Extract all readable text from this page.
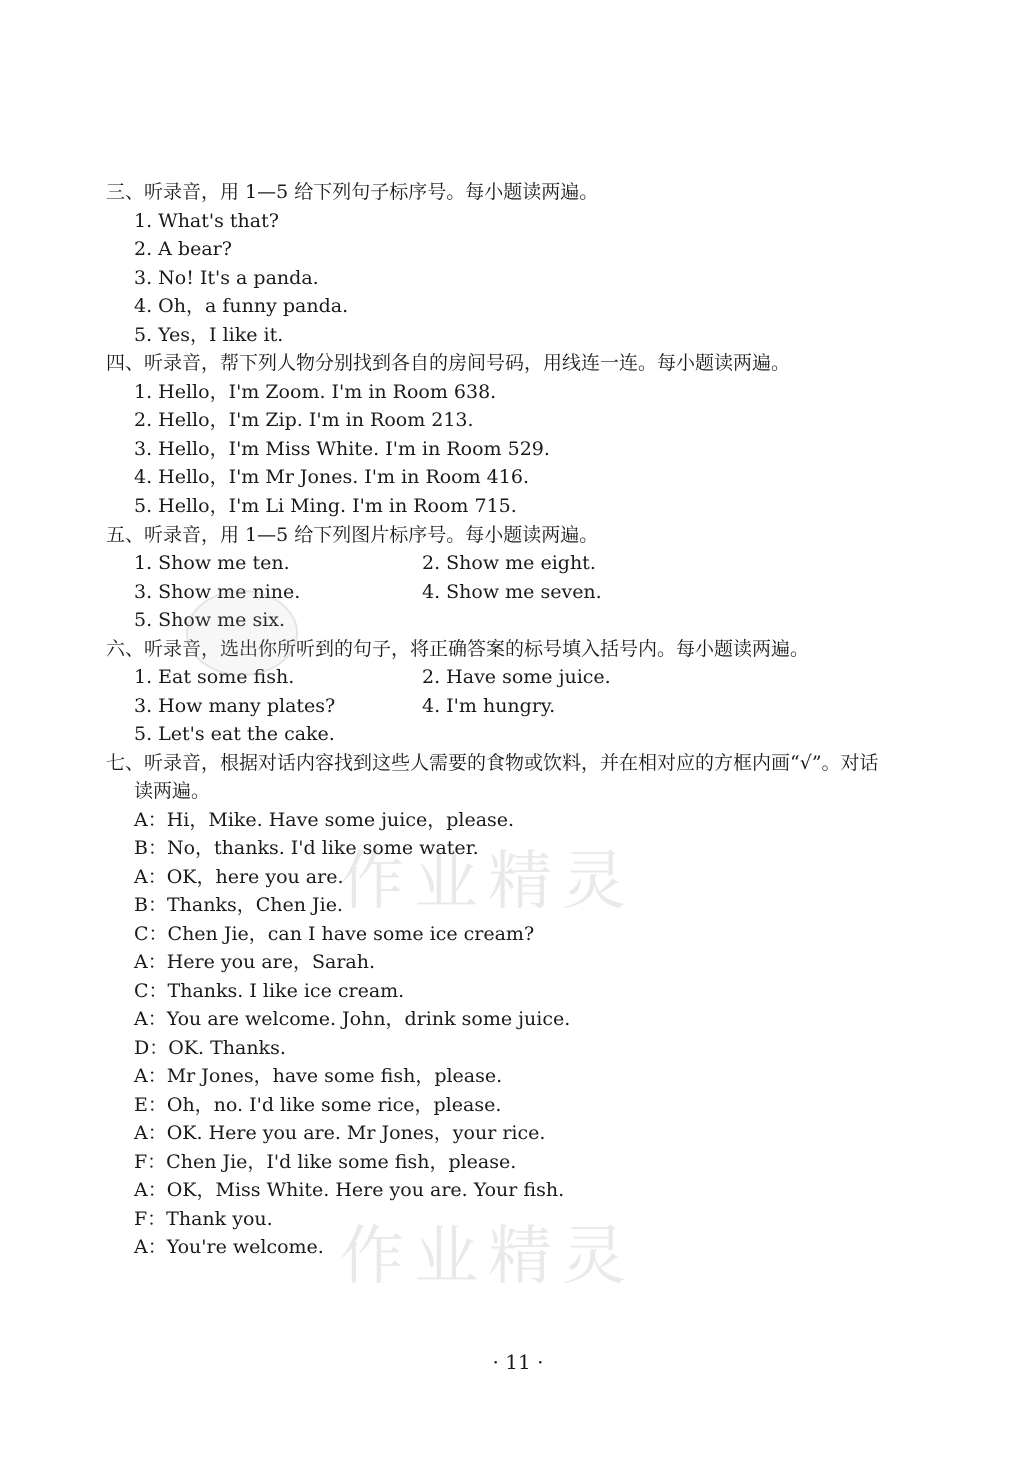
三、听录音，用 1—5 给下列句子标序号。每小题读两遍。
1. What's that?
2. A bear?
3. No! It's a panda.
4. Oh，a funny panda.
5. Yes，I like it.
四、听录音，帮下列人物分别找到各自的房间号码，用线连一连。每小题读两遍。
1. Hello，I'm Zoom. I'm in Room 638.
2. Hello，I'm Zip. I'm in Room 213.
3. Hello，I'm Miss White. I'm in Room 529.
4. Hello，I'm Mr Jones. I'm in Room 416.
5. Hello，I'm Li Ming. I'm in Room 715.
五、听录音，用 1—5 给下列图片标序号。每小题读两遍。
1. Show me ten.	2. Show me eight.
3. Show me nine.	4. Show me seven.
5. Show me six.
六、听录音，选出你所听到的句子，将正确答案的标号填入括号内。每小题读两遍。
1. Eat some fish.	2. Have some juice.
3. How many plates?	4. I'm hungry.
5. Let's eat the cake.
七、听录音，根据对话内容找到这些人需要的食物或饮料，并在相对应的方框内画“√”。对话
读两遍。
A：Hi，Mike. Have some juice，please.
B：No，thanks. I'd like some water.
A：OK，here you are.
B：Thanks，Chen Jie.
C：Chen Jie，can I have some ice cream?
A：Here you are，Sarah.
C：Thanks. I like ice cream.
A：You are welcome. John，drink some juice.
D：OK. Thanks.
A：Mr Jones，have some fish，please.
E：Oh，no. I'd like some rice，please.
A：OK. Here you are. Mr Jones，your rice.
F：Chen Jie，I'd like some fish，please.
A：OK，Miss White. Here you are. Your fish.
F：Thank you.
A：You're welcome.
作业精灵
作业精灵
· 11 ·
